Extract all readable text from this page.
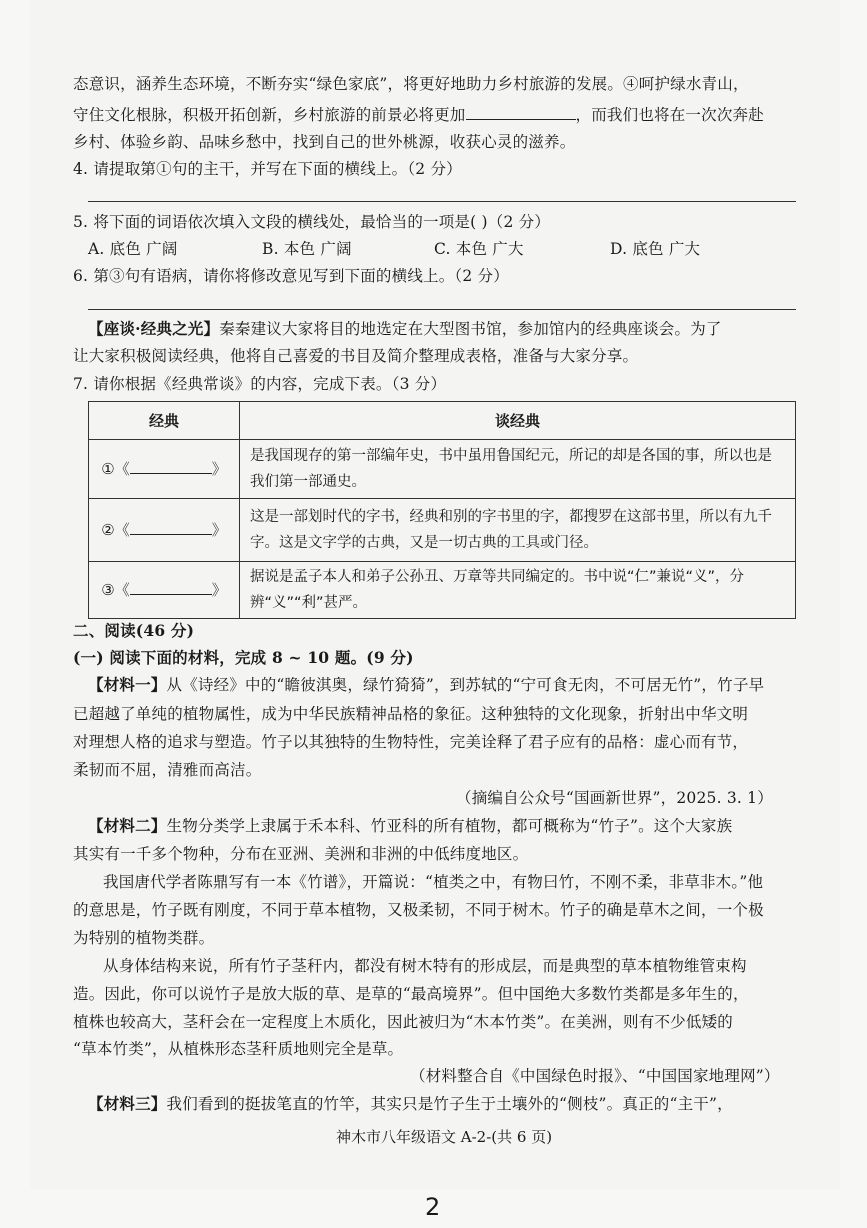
态意识，涵养生态环境，不断夯实“绿色家底”，将更好地助力乡村旅游的发展。④呵护绿水青山，
守住文化根脉，积极开拓创新，乡村旅游的前景必将更加	，而我们也将在一次次奔赴
乡村、体验乡韵、品味乡愁中，找到自己的世外桃源，收获心灵的滋养。
4. 请提取第①句的主干，并写在下面的横线上。（2 分）
5. 将下面的词语依次填入文段的横线处，最恰当的一项是( )（2 分）
A. 底色 广阔	B. 本色 广阔	C. 本色 广大	D. 底色 广大
6. 第③句有语病，请你将修改意见写到下面的横线上。（2 分）
【座谈·经典之光】秦秦建议大家将目的地选定在大型图书馆，参加馆内的经典座谈会。为了
让大家积极阅读经典，他将自己喜爱的书目及简介整理成表格，准备与大家分享。
7. 请你根据《经典常谈》的内容，完成下表。（3 分）
经典	谈经典
①《 》	是我国现存的第一部编年史，书中虽用鲁国纪元，所记的却是各国的事，所以也是我们第一部通史。
②《 》	这是一部划时代的字书，经典和别的字书里的字，都搜罗在这部书里，所以有九千字。这是文字学的古典，又是一切古典的工具或门径。
③《 》	据说是孟子本人和弟子公孙丑、万章等共同编定的。书中说“仁”兼说“义”，分辨“义”“利”甚严。
二、阅读(46 分)
(一) 阅读下面的材料，完成 8 ~ 10 题。(9 分)
【材料一】从《诗经》中的“瞻彼淇奥，绿竹猗猗”，到苏轼的“宁可食无肉，不可居无竹”，竹子早
已超越了单纯的植物属性，成为中华民族精神品格的象征。这种独特的文化现象，折射出中华文明
对理想人格的追求与塑造。竹子以其独特的生物特性，完美诠释了君子应有的品格：虚心而有节，
柔韧而不屈，清雅而高洁。
（摘编自公众号“国画新世界”，2025. 3. 1）
【材料二】生物分类学上隶属于禾本科、竹亚科的所有植物，都可概称为“竹子”。这个大家族
其实有一千多个物种，分布在亚洲、美洲和非洲的中低纬度地区。
我国唐代学者陈鼎写有一本《竹谱》，开篇说：“植类之中，有物曰竹，不刚不柔，非草非木。”他
的意思是，竹子既有刚度，不同于草本植物，又极柔韧，不同于树木。竹子的确是草木之间，一个极
为特别的植物类群。
从身体结构来说，所有竹子茎秆内，都没有树木特有的形成层，而是典型的草本植物维管束构
造。因此，你可以说竹子是放大版的草、是草的“最高境界”。但中国绝大多数竹类都是多年生的，
植株也较高大，茎秆会在一定程度上木质化，因此被归为“木本竹类”。在美洲，则有不少低矮的
“草本竹类”，从植株形态茎秆质地则完全是草。
（材料整合自《中国绿色时报》、“中国国家地理网”）
【材料三】我们看到的挺拔笔直的竹竿，其实只是竹子生于土壤外的“侧枝”。真正的“主干”，
神木市八年级语文 A-2-(共 6 页)
2
